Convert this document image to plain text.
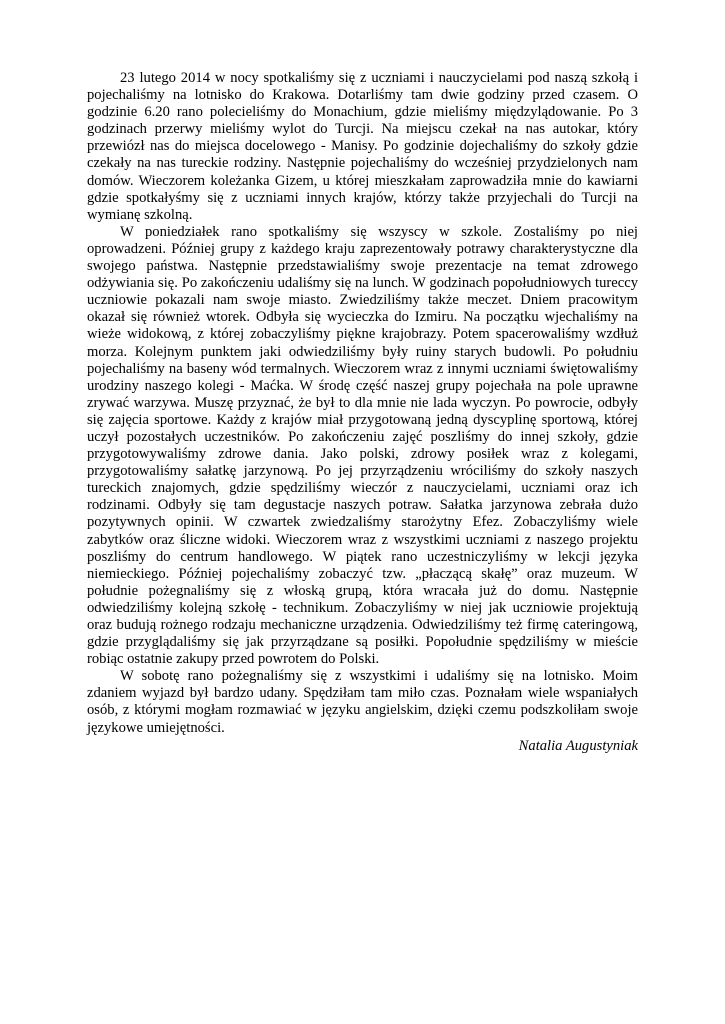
23 lutego 2014 w nocy spotkaliśmy się z uczniami i nauczycielami pod naszą szkołą i pojechaliśmy na lotnisko do Krakowa. Dotarliśmy tam dwie godziny przed czasem. O godzinie 6.20 rano polecieliśmy do Monachium, gdzie mieliśmy międzylądowanie. Po 3 godzinach przerwy mieliśmy wylot do Turcji. Na miejscu czekał na nas autokar, który przewiózł nas do miejsca docelowego - Manisy. Po godzinie dojechaliśmy do szkoły gdzie czekały na nas tureckie rodziny. Następnie pojechaliśmy do wcześniej przydzielonych nam domów. Wieczorem koleżanka Gizem, u której mieszkałam zaprowadziła mnie do kawiarni gdzie spotkałyśmy się z uczniami innych krajów, którzy także przyjechali do Turcji na wymianę szkolną.

W poniedziałek rano spotkaliśmy się wszyscy w szkole. Zostaliśmy po niej oprowadzeni. Później grupy z każdego kraju zaprezentowały potrawy charakterystyczne dla swojego państwa. Następnie przedstawialiśmy swoje prezentacje na temat zdrowego odżywiania się. Po zakończeniu udaliśmy się na lunch. W godzinach popołudniowych tureccy uczniowie pokazali nam swoje miasto. Zwiedziliśmy także meczet. Dniem pracowitym okazał się również wtorek. Odbyła się wycieczka do Izmiru. Na początku wjechaliśmy na wieże widokową, z której zobaczyliśmy piękne krajobrazy. Potem spacerowaliśmy wzdłuż morza. Kolejnym punktem jaki odwiedziliśmy były ruiny starych budowli. Po południu pojechaliśmy na baseny wód termalnych. Wieczorem wraz z innymi uczniami świętowaliśmy urodziny naszego kolegi - Maćka. W środę część naszej grupy pojechała na pole uprawne zrywać warzywa. Muszę przyznać, że był to dla mnie nie lada wyczyn. Po powrocie, odbyły się zajęcia sportowe. Każdy z krajów miał przygotowaną jedną dyscyplinę sportową, której uczył pozostałych uczestników. Po zakończeniu zajęć poszliśmy do innej szkoły, gdzie przygotowywaliśmy zdrowe dania. Jako polski, zdrowy posiłek wraz z kolegami, przygotowaliśmy sałatkę jarzynową. Po jej przyrządzeniu wróciliśmy do szkoły naszych tureckich znajomych, gdzie spędziliśmy wieczór z nauczycielami, uczniami oraz ich rodzinami. Odbyły się tam degustacje naszych potraw. Sałatka jarzynowa zebrała dużo pozytywnych opinii. W czwartek zwiedzaliśmy starożytny Efez. Zobaczyliśmy wiele zabytków oraz śliczne widoki. Wieczorem wraz z wszystkimi uczniami z naszego projektu poszliśmy do centrum handlowego. W piątek rano uczestniczyliśmy w lekcji języka niemieckiego. Później pojechaliśmy zobaczyć tzw. „płaczącą skałę” oraz muzeum. W południe pożegnaliśmy się z włoską grupą, która wracała już do domu. Następnie odwiedziliśmy kolejną szkołę - technikum. Zobaczyliśmy w niej jak uczniowie projektują oraz budują rożnego rodzaju mechaniczne urządzenia. Odwiedziliśmy też firmę cateringową, gdzie przyglądaliśmy się jak przyrządzane są posiłki. Popołudnie spędziliśmy w mieście robiąc ostatnie zakupy przed powrotem do Polski.

W sobotę rano pożegnaliśmy się z wszystkimi i udaliśmy się na lotnisko. Moim zdaniem wyjazd był bardzo udany. Spędziłam tam miło czas. Poznałam wiele wspaniałych osób, z którymi mogłam rozmawiać w języku angielskim, dzięki czemu podszkoliłam swoje językowe umiejętności.

Natalia Augustyniak
